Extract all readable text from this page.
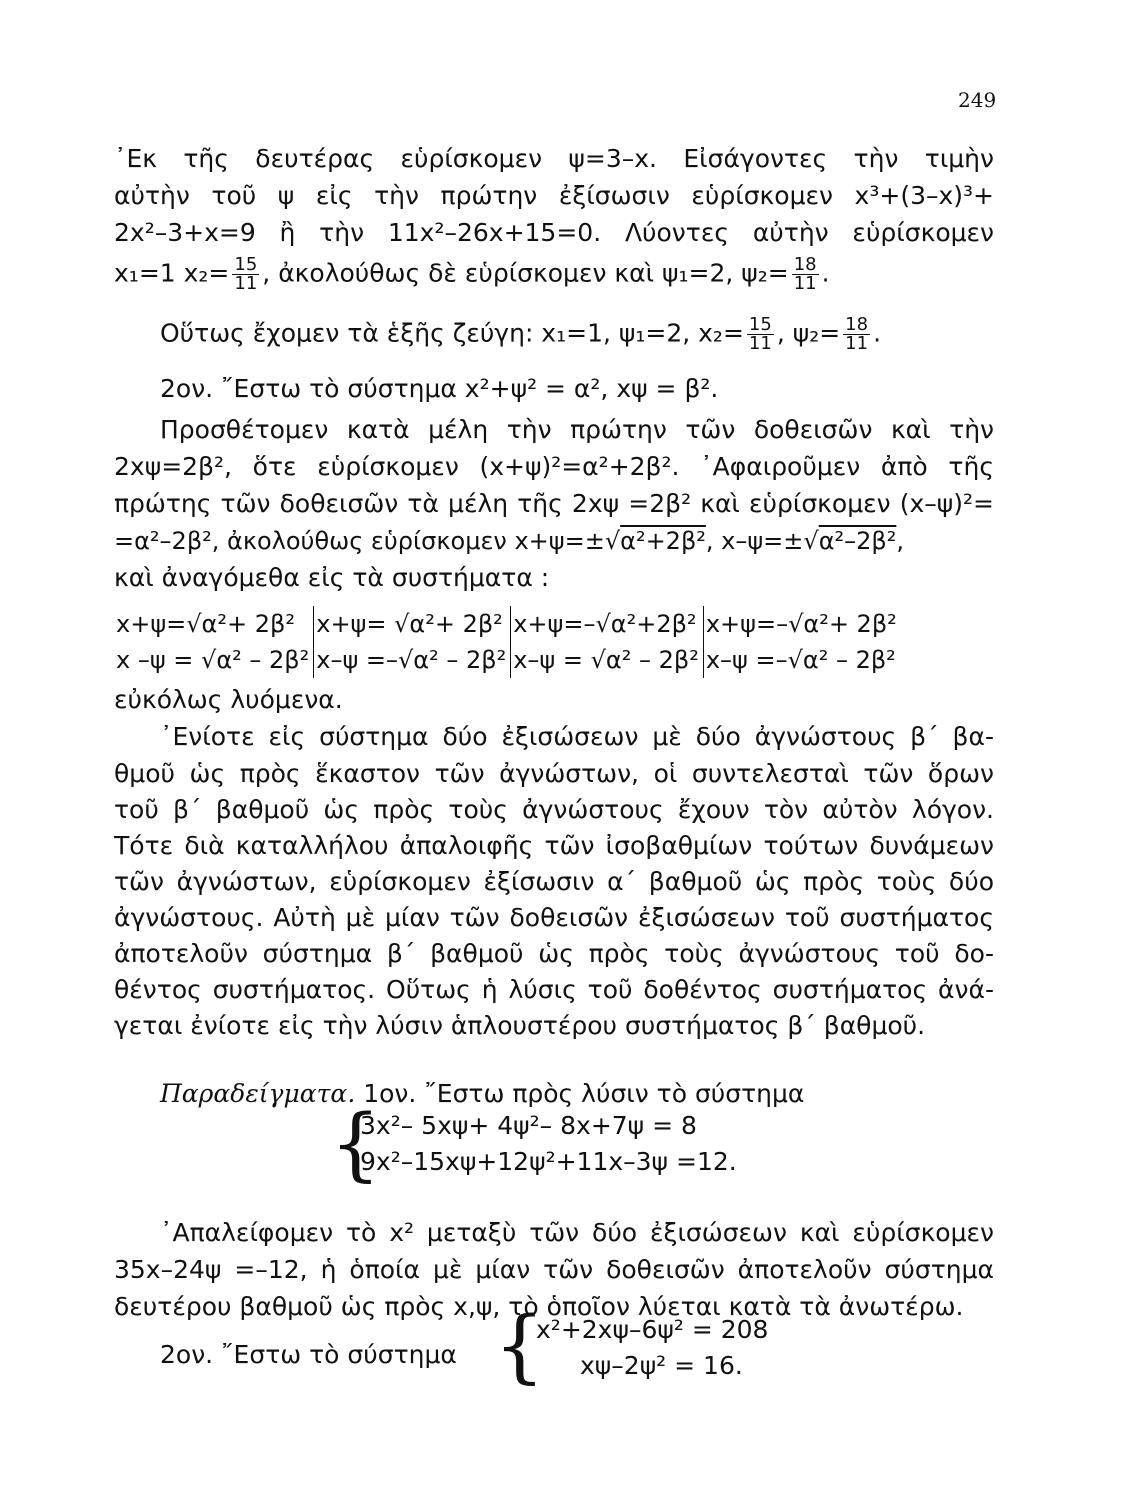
249
᾽Εκ τῆς δευτέρας εὑρίσκομεν ψ=3–x. Εἰσάγοντες τὴν τιμὴν
αὐτὴν τοῦ ψ εἰς τὴν πρώτην ἐξίσωσιν εὑρίσκομεν x³+(3–x)³+
2x²–3+x=9 ἢ τὴν 11x²–26x+15=0. Λύοντες αὐτὴν εὑρίσκομεν
x₁=1 $x_2= \frac{15}{11}$ , ἀκολούθως δὲ εὑρίσκομεν καὶ ψ₁=2, $\psi_2= \frac{18}{11}$ .
Οὕτως ἔχομεν τὰ ἑξῆς ζεύγη: x₁=1, ψ₁=2, $x_2= \frac{15}{11}$ , $\psi_2= \frac{18}{11}$ .
2ον. ῎Εστω τὸ σύστημα x²+ψ² = α², xψ = β².
Προσθέτομεν κατὰ μέλη τὴν πρώτην τῶν δοθεισῶν καὶ τὴν
2xψ=2β², ὅτε εὑρίσκομεν (x+ψ)²=α²+2β². ᾽Αφαιροῦμεν ἀπὸ τῆς
πρώτης τῶν δοθεισῶν τὰ μέλη τῆς 2xψ =2β² καὶ εὑρίσκομεν (x–ψ)²=
=α²–2β², ἀκολούθως εὑρίσκομεν x+ψ=±√α²+2β², x–ψ=±√α²–2β²,
καὶ ἀναγόμεθα εἰς τὰ συστήματα :
x+ψ=√α²+ 2β²	x+ψ= √α²+ 2β²	x+ψ=–√α²+2β²	x+ψ=–√α²+ 2β²
x –ψ = √α² – 2β²	x–ψ =–√α² – 2β²	x–ψ = √α² – 2β²	x–ψ =–√α² – 2β²
εὐκόλως λυόμενα.
᾽Ενίοτε εἰς σύστημα δύο ἐξισώσεων μὲ δύο ἀγνώστους β΄ βα-
θμοῦ ὡς πρὸς ἕκαστον τῶν ἀγνώστων, οἱ συντελεσταὶ τῶν ὅρων
τοῦ β΄ βαθμοῦ ὡς πρὸς τοὺς ἀγνώστους ἔχουν τὸν αὐτὸν λόγον.
Τότε διὰ καταλλήλου ἀπαλοιφῆς τῶν ἰσοβαθμίων τούτων δυνάμεων
τῶν ἀγνώστων, εὑρίσκομεν ἐξίσωσιν α΄ βαθμοῦ ὡς πρὸς τοὺς δύο
ἀγνώστους. Αὐτὴ μὲ μίαν τῶν δοθεισῶν ἐξισώσεων τοῦ συστήματος
ἀποτελοῦν σύστημα β΄ βαθμοῦ ὡς πρὸς τοὺς ἀγνώστους τοῦ δο-
θέντος συστήματος. Οὕτως ἡ λύσις τοῦ δοθέντος συστήματος ἀνά-
γεται ἐνίοτε εἰς τὴν λύσιν ἁπλουστέρου συστήματος β΄ βαθμοῦ.
Παραδείγματα. 1ον. ῎Εστω πρὸς λύσιν τὸ σύστημα
{
3x²– 5xψ+ 4ψ²– 8x+7ψ = 8
9x²–15xψ+12ψ²+11x–3ψ =12.
᾽Απαλείφομεν τὸ x² μεταξὺ τῶν δύο ἐξισώσεων καὶ εὑρίσκομεν
35x–24ψ =–12, ἡ ὁποία μὲ μίαν τῶν δοθεισῶν ἀποτελοῦν σύστημα
δευτέρου βαθμοῦ ὡς πρὸς x,ψ, τὸ ὁποῖον λύεται κατὰ τὰ ἀνωτέρω.
2ον. ῎Εστω τὸ σύστημα {
x²+2xψ–6ψ² = 208
xψ–2ψ² = 16.
